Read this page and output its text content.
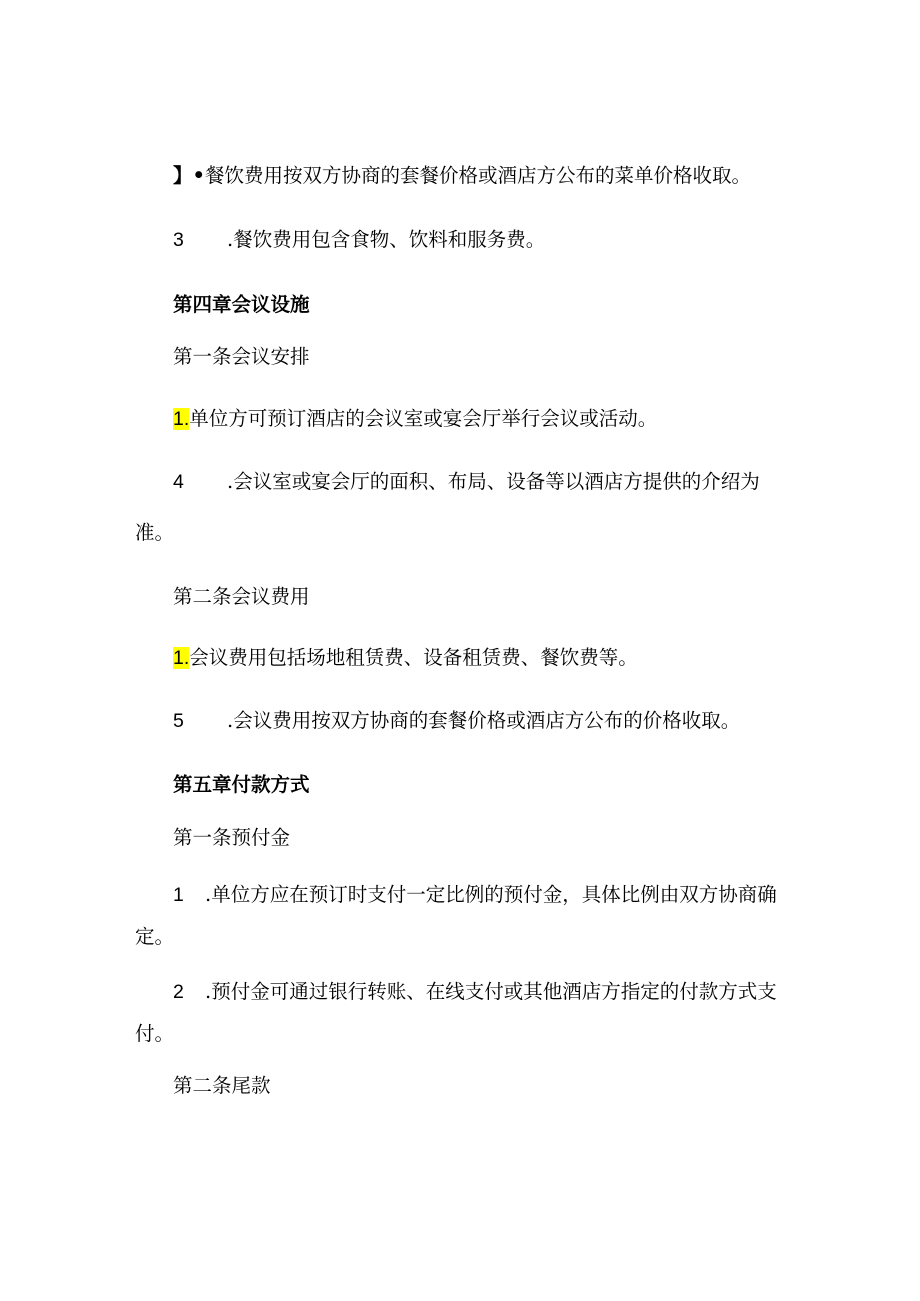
】•餐饮费用按双方协商的套餐价格或酒店方公布的菜单价格收取。
3 .餐饮费用包含食物、饮料和服务费。
第四章会议设施
第一条会议安排
1.单位方可预订酒店的会议室或宴会厅举行会议或活动。
4 .会议室或宴会厅的面积、布局、设备等以酒店方提供的介绍为
准。
第二条会议费用
1.会议费用包括场地租赁费、设备租赁费、餐饮费等。
5 .会议费用按双方协商的套餐价格或酒店方公布的价格收取。
第五章付款方式
第一条预付金
1 .单位方应在预订时支付一定比例的预付金，具体比例由双方协商确
定。
2 .预付金可通过银行转账、在线支付或其他酒店方指定的付款方式支
付。
第二条尾款
